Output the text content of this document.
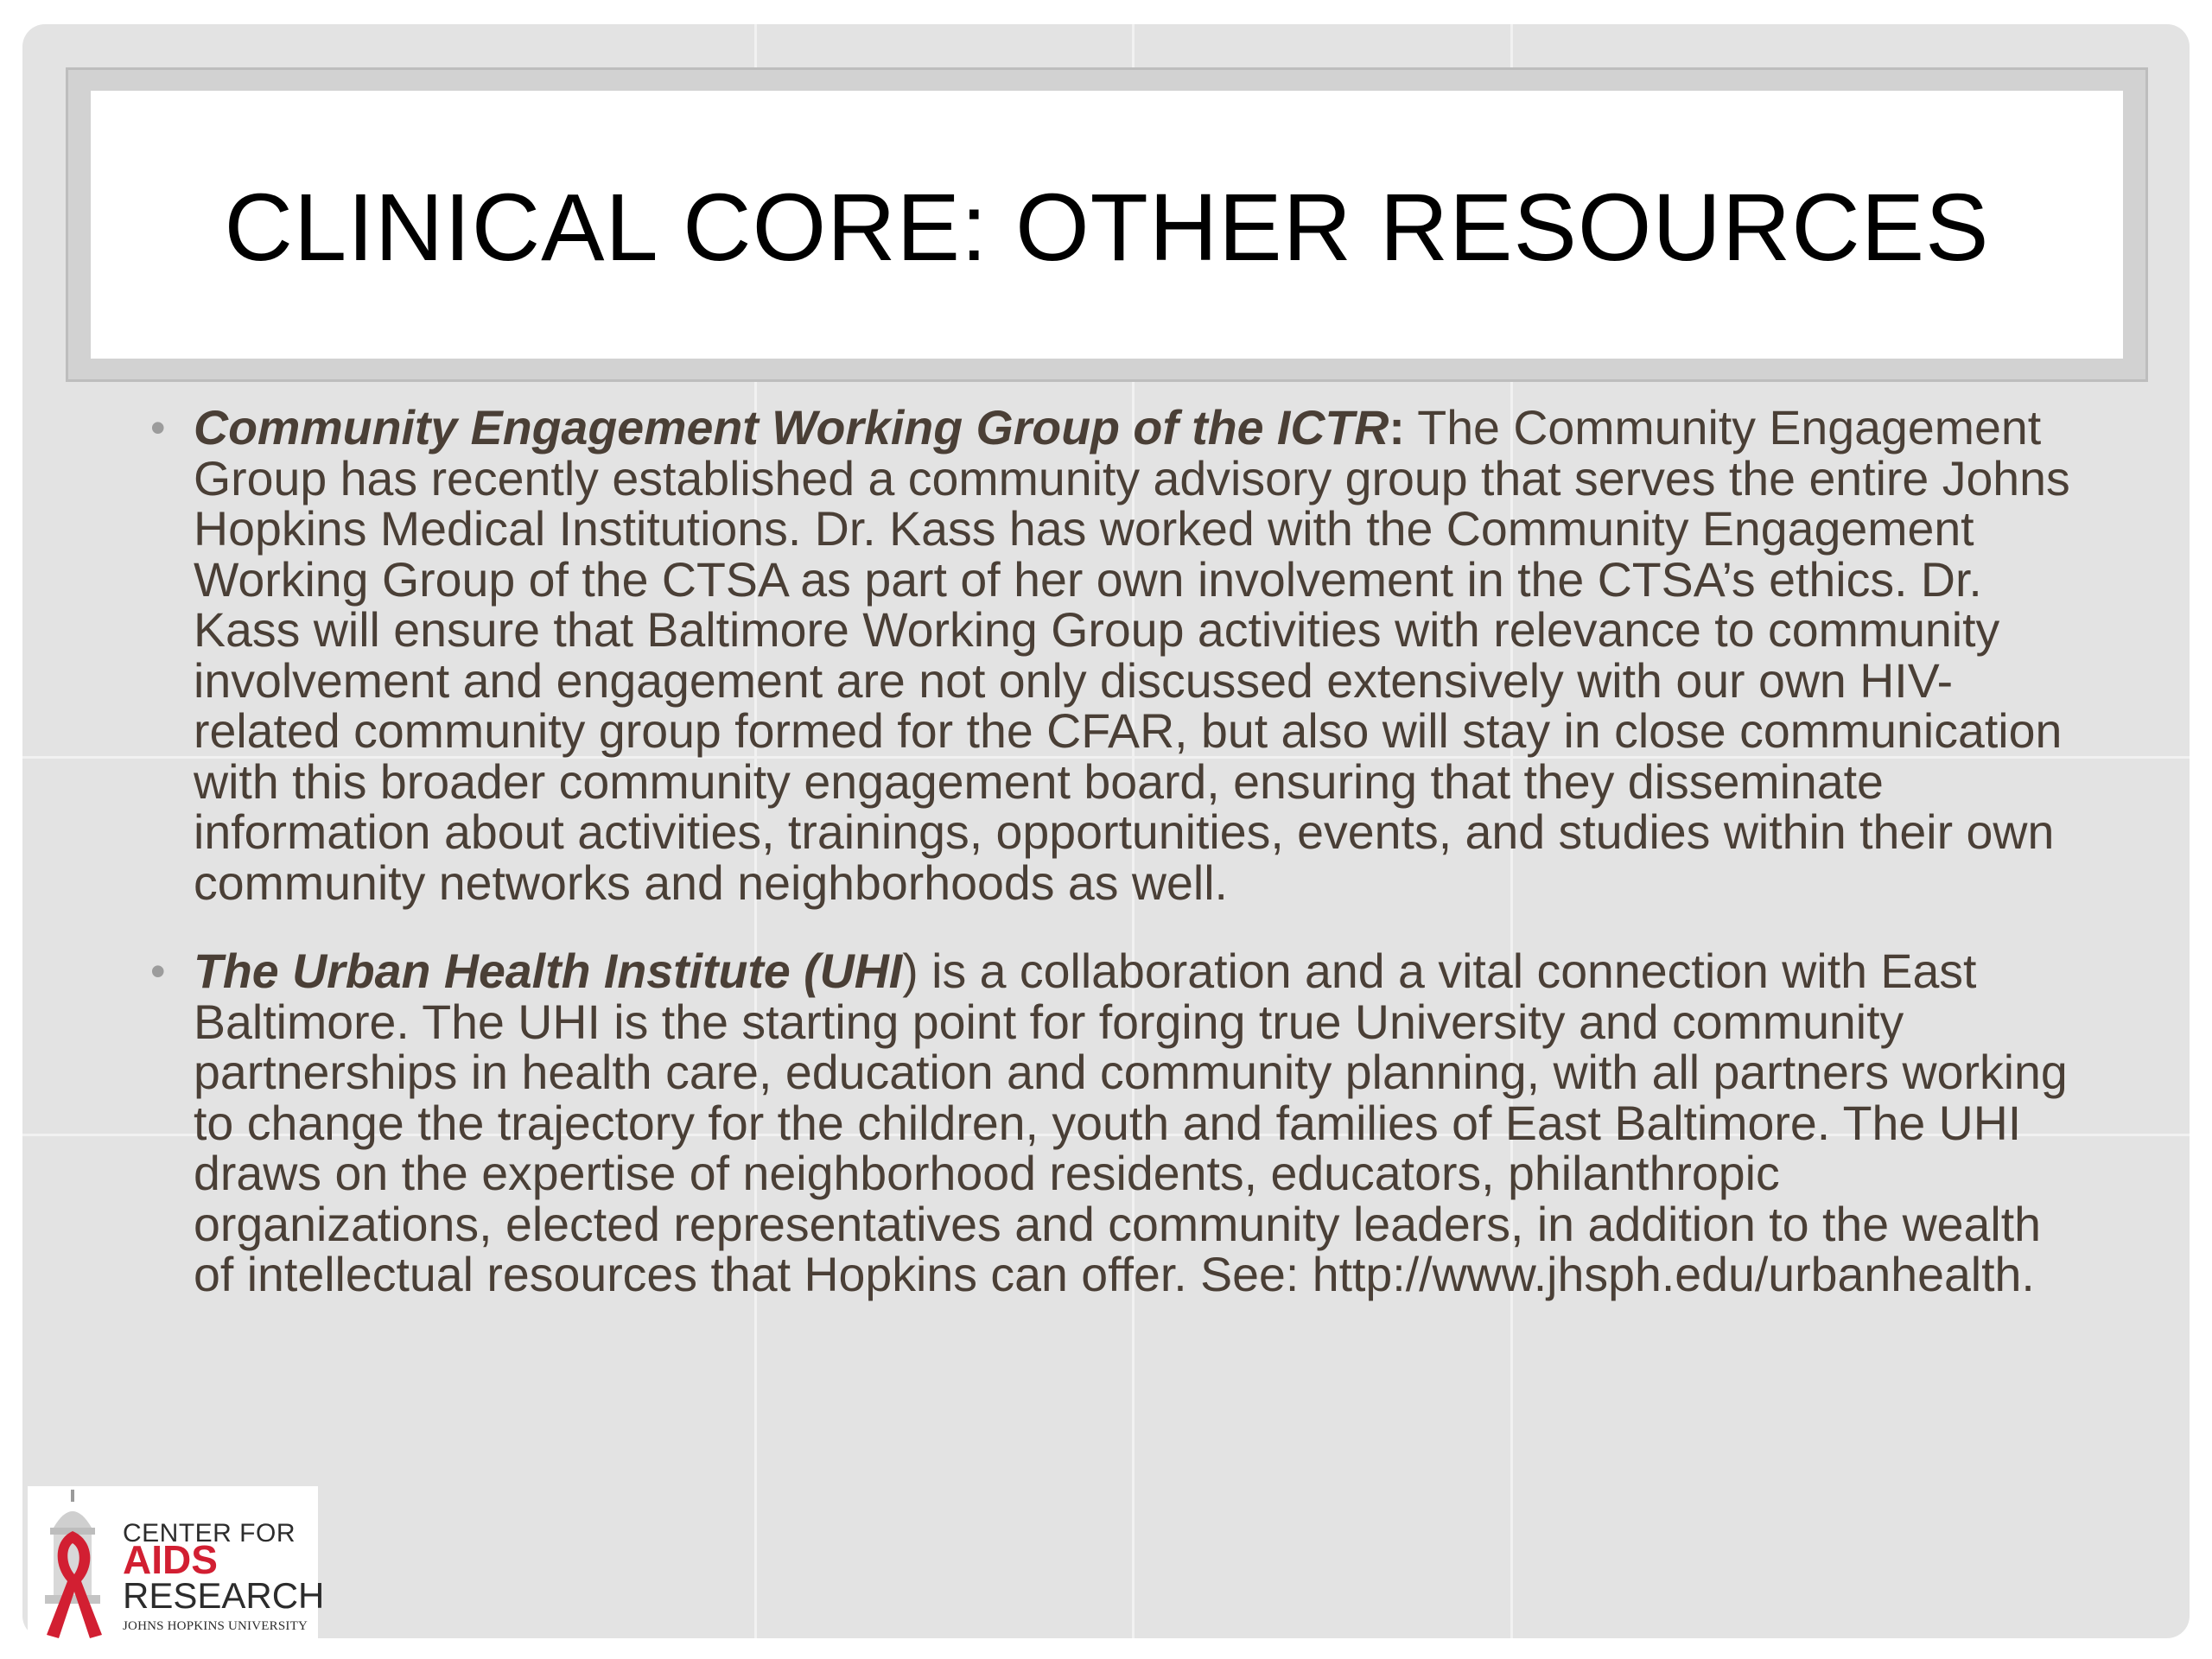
CLINICAL CORE: OTHER RESOURCES

• Community Engagement Working Group of the ICTR: The Community Engagement Group has recently established a community advisory group that serves the entire Johns Hopkins Medical Institutions. Dr. Kass has worked with the Community Engagement Working Group of the CTSA as part of her own involvement in the CTSA’s ethics. Dr. Kass will ensure that Baltimore Working Group activities with relevance to community involvement and engagement are not only discussed extensively with our own HIV-related community group formed for the CFAR, but also will stay in close communication with this broader community engagement board, ensuring that they disseminate information about activities, trainings, opportunities, events, and studies within their own community networks and neighborhoods as well.

• The Urban Health Institute (UHI) is a collaboration and a vital connection with East Baltimore. The UHI is the starting point for forging true University and community partnerships in health care, education and community planning, with all partners working to change the trajectory for the children, youth and families of East Baltimore. The UHI draws on the expertise of neighborhood residents, educators, philanthropic organizations, elected representatives and community leaders, in addition to the wealth of intellectual resources that Hopkins can offer. See: http://www.jhsph.edu/urbanhealth.

CENTER FOR
AIDS
RESEARCH
JOHNS HOPKINS UNIVERSITY
